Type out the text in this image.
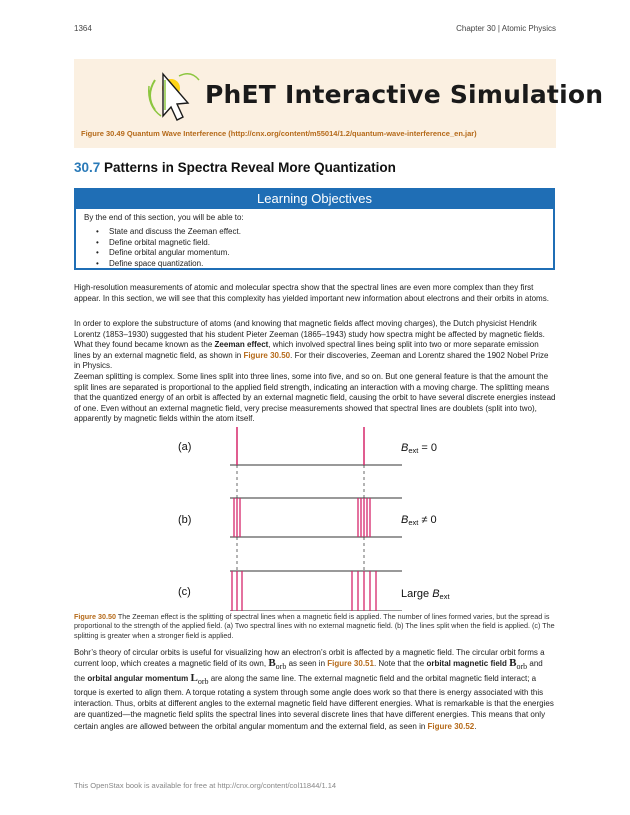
1364	Chapter 30 | Atomic Physics
PhET Interactive Simulation
Figure 30.49 Quantum Wave Interference (http://cnx.org/content/m55014/1.2/quantum-wave-interference_en.jar)
30.7 Patterns in Spectra Reveal More Quantization
Learning Objectives
By the end of this section, you will be able to:
• State and discuss the Zeeman effect.
• Define orbital magnetic field.
• Define orbital angular momentum.
• Define space quantization.

High-resolution measurements of atomic and molecular spectra show that the spectral lines are even more complex than they first appear. In this section, we will see that this complexity has yielded important new information about electrons and their orbits in atoms.

In order to explore the substructure of atoms (and knowing that magnetic fields affect moving charges), the Dutch physicist Hendrik Lorentz (1853–1930) suggested that his student Pieter Zeeman (1865–1943) study how spectra might be affected by magnetic fields. What they found became known as the Zeeman effect, which involved spectral lines being split into two or more separate emission lines by an external magnetic field, as shown in Figure 30.50. For their discoveries, Zeeman and Lorentz shared the 1902 Nobel Prize in Physics.

Zeeman splitting is complex. Some lines split into three lines, some into five, and so on. But one general feature is that the amount the split lines are separated is proportional to the applied field strength, indicating an interaction with a moving charge. The splitting means that the quantized energy of an orbit is affected by an external magnetic field, causing the orbit to have several discrete energies instead of one. Even without an external magnetic field, very precise measurements showed that spectral lines are doublets (split into two), apparently by magnetic fields within the atom itself.

(a)
(b)
(c)
Bext = 0
Bext ≠ 0
Large Bext
Figure 30.50 The Zeeman effect is the splitting of spectral lines when a magnetic field is applied. The number of lines formed varies, but the spread is proportional to the strength of the applied field. (a) Two spectral lines with no external magnetic field. (b) The lines split when the field is applied. (c) The splitting is greater when a stronger field is applied.
Bohr’s theory of circular orbits is useful for visualizing how an electron’s orbit is affected by a magnetic field. The circular orbit forms a current loop, which creates a magnetic field of its own, $B_{orb}$ as seen in Figure 30.51. Note that the orbital magnetic field $B_{orb}$ and the orbital angular momentum $L_{orb}$ are along the same line. The external magnetic field and the orbital magnetic field interact; a torque is exerted to align them. A torque rotating a system through some angle does work so that there is energy associated with this interaction. Thus, orbits at different angles to the external magnetic field have different energies. What is remarkable is that the energies are quantized—the magnetic field splits the spectral lines into several discrete lines that have different energies. This means that only certain angles are allowed between the orbital angular momentum and the external field, as seen in Figure 30.52.
This OpenStax book is available for free at http://cnx.org/content/col11844/1.14
